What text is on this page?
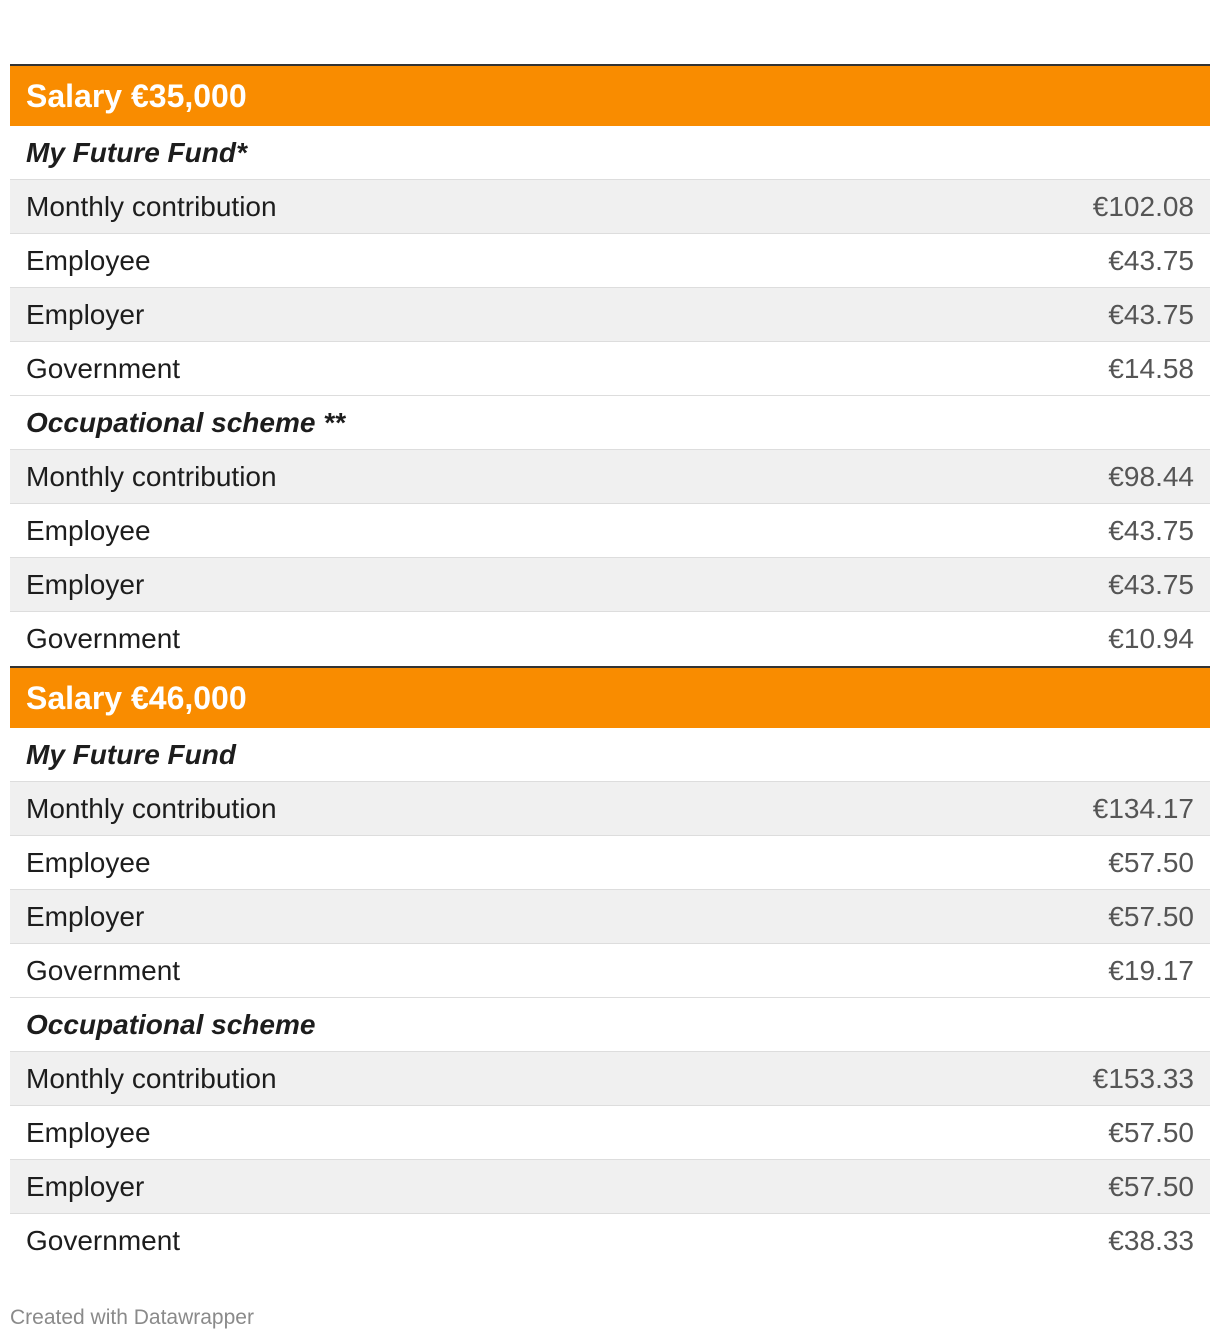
Salary €35,000
My Future Fund*
Monthly contribution	€102.08
Employee	€43.75
Employer	€43.75
Government	€14.58
Occupational scheme **
Monthly contribution	€98.44
Employee	€43.75
Employer	€43.75
Government	€10.94
Salary €46,000
My Future Fund
Monthly contribution	€134.17
Employee	€57.50
Employer	€57.50
Government	€19.17
Occupational scheme
Monthly contribution	€153.33
Employee	€57.50
Employer	€57.50
Government	€38.33
Created with Datawrapper
